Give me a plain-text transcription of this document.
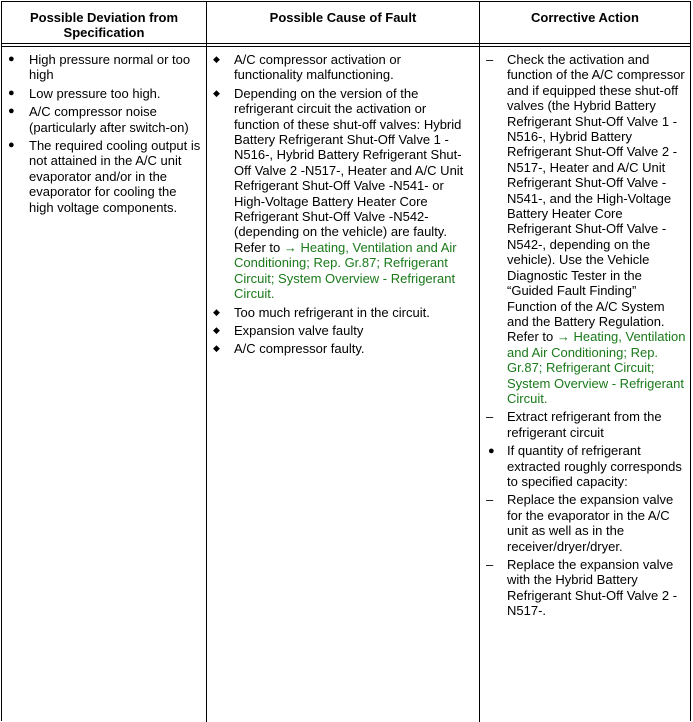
Possible Deviation from Specification
Possible Cause of Fault	Corrective Action
● High pressure normal or too high
● Low pressure too high.
● A/C compressor noise (particularly after switch-on)
● The required cooling output is not attained in the A/C unit evaporator and/or in the evaporator for cooling the high voltage components.
◆ A/C compressor activation or functionality malfunctioning.
◆ Depending on the version of the refrigerant circuit the activation or function of these shut-off valves: Hybrid Battery Refrigerant Shut-Off Valve 1 -N516-, Hybrid Battery Refrigerant Shut-Off Valve 2 -N517-, Heater and A/C Unit Refrigerant Shut-Off Valve -N541- or High-Voltage Battery Heater Core Refrigerant Shut-Off Valve -N542- (depending on the vehicle) are faulty. Refer to → Heating, Ventilation and Air Conditioning; Rep. Gr.87; Refrigerant Circuit; System Overview - Refrigerant Circuit.
◆ Too much refrigerant in the circuit.
◆ Expansion valve faulty
◆ A/C compressor faulty.
– Check the activation and function of the A/C compressor and if equipped these shut-off valves (the Hybrid Battery Refrigerant Shut-Off Valve 1 -N516-, Hybrid Battery Refrigerant Shut-Off Valve 2 -N517-, Heater and A/C Unit Refrigerant Shut-Off Valve -N541-, and the High-Voltage Battery Heater Core Refrigerant Shut-Off Valve -N542-, depending on the vehicle). Use the Vehicle Diagnostic Tester in the “Guided Fault Finding” Function of the A/C System and the Battery Regulation. Refer to → Heating, Ventilation and Air Conditioning; Rep. Gr.87; Refrigerant Circuit; System Overview - Refrigerant Circuit.
– Extract refrigerant from the refrigerant circuit
● If quantity of refrigerant extracted roughly corresponds to specified capacity:
– Replace the expansion valve for the evaporator in the A/C unit as well as in the receiver/dryer/dryer.
– Replace the expansion valve with the Hybrid Battery Refrigerant Shut-Off Valve 2 -N517-.
